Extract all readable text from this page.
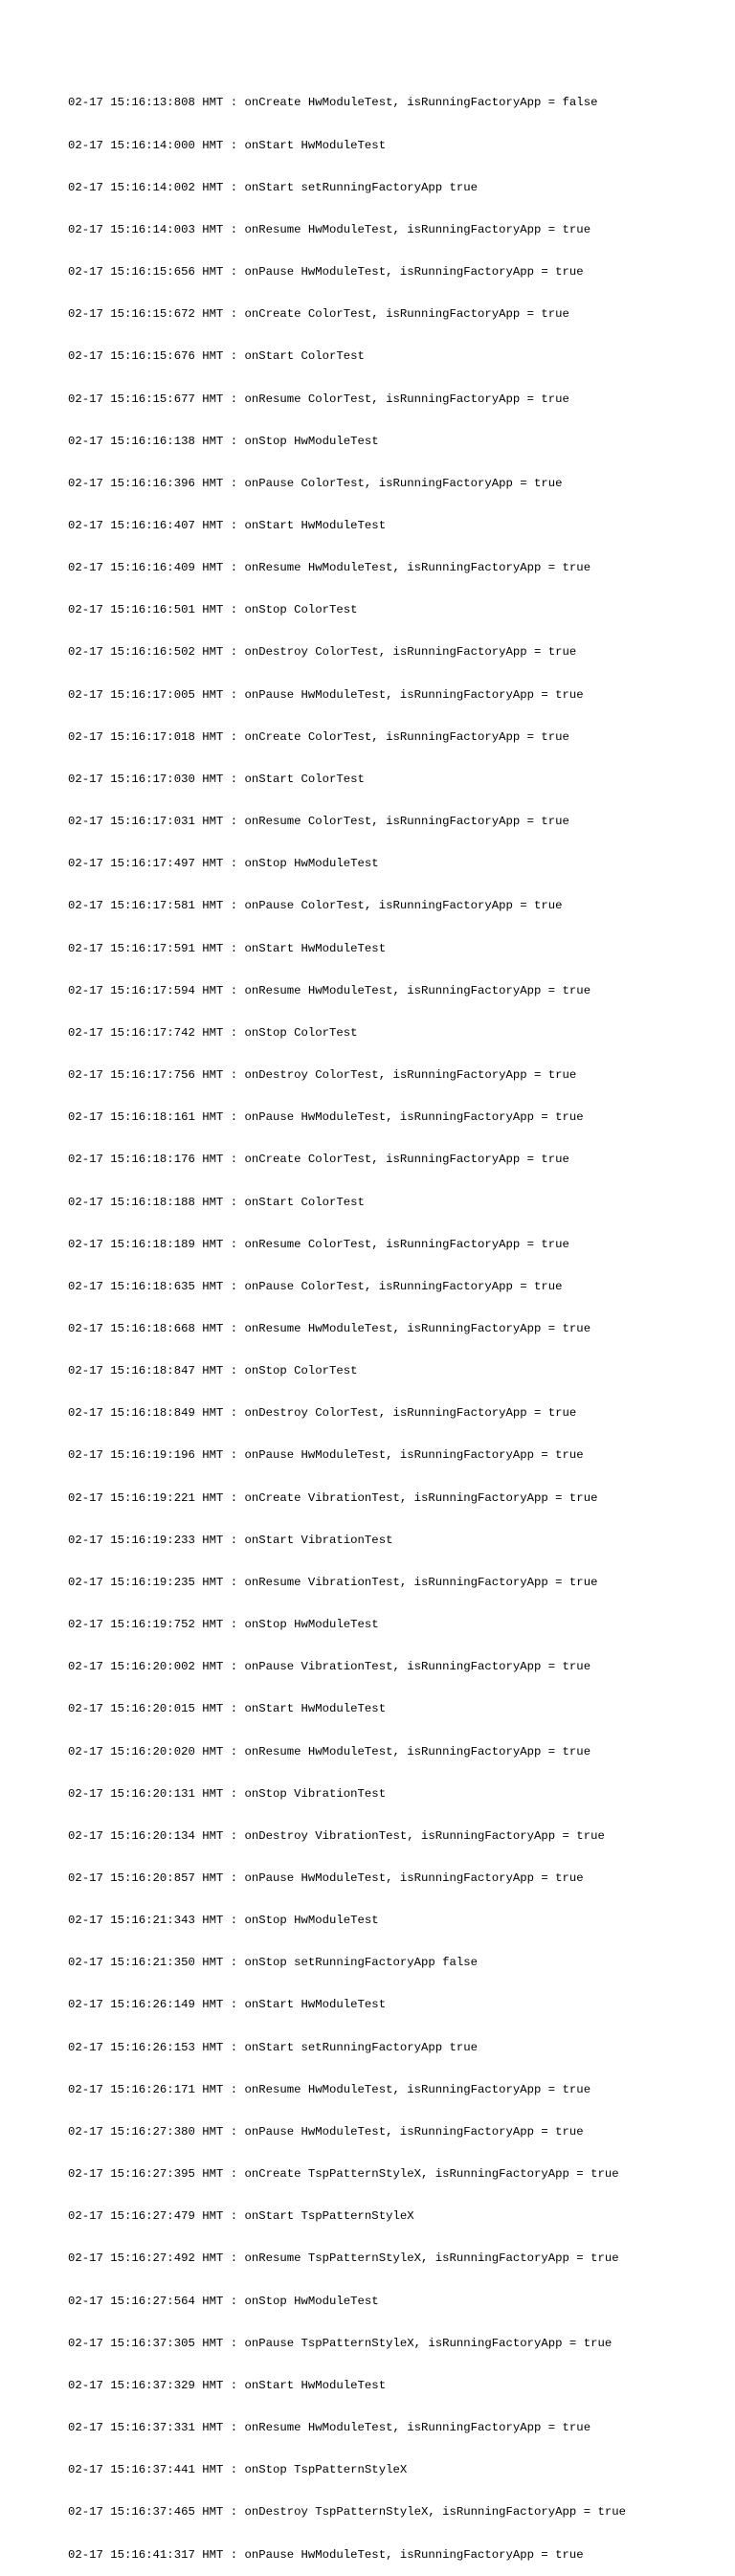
02-17 15:16:13:808 HMT : onCreate HwModuleTest, isRunningFactoryApp = false

02-17 15:16:14:000 HMT : onStart HwModuleTest

02-17 15:16:14:002 HMT : onStart setRunningFactoryApp true

02-17 15:16:14:003 HMT : onResume HwModuleTest, isRunningFactoryApp = true

02-17 15:16:15:656 HMT : onPause HwModuleTest, isRunningFactoryApp = true

02-17 15:16:15:672 HMT : onCreate ColorTest, isRunningFactoryApp = true

02-17 15:16:15:676 HMT : onStart ColorTest

02-17 15:16:15:677 HMT : onResume ColorTest, isRunningFactoryApp = true

02-17 15:16:16:138 HMT : onStop HwModuleTest

02-17 15:16:16:396 HMT : onPause ColorTest, isRunningFactoryApp = true

02-17 15:16:16:407 HMT : onStart HwModuleTest

02-17 15:16:16:409 HMT : onResume HwModuleTest, isRunningFactoryApp = true

02-17 15:16:16:501 HMT : onStop ColorTest

02-17 15:16:16:502 HMT : onDestroy ColorTest, isRunningFactoryApp = true

02-17 15:16:17:005 HMT : onPause HwModuleTest, isRunningFactoryApp = true

02-17 15:16:17:018 HMT : onCreate ColorTest, isRunningFactoryApp = true

02-17 15:16:17:030 HMT : onStart ColorTest

02-17 15:16:17:031 HMT : onResume ColorTest, isRunningFactoryApp = true

02-17 15:16:17:497 HMT : onStop HwModuleTest

02-17 15:16:17:581 HMT : onPause ColorTest, isRunningFactoryApp = true

02-17 15:16:17:591 HMT : onStart HwModuleTest

02-17 15:16:17:594 HMT : onResume HwModuleTest, isRunningFactoryApp = true

02-17 15:16:17:742 HMT : onStop ColorTest

02-17 15:16:17:756 HMT : onDestroy ColorTest, isRunningFactoryApp = true

02-17 15:16:18:161 HMT : onPause HwModuleTest, isRunningFactoryApp = true

02-17 15:16:18:176 HMT : onCreate ColorTest, isRunningFactoryApp = true

02-17 15:16:18:188 HMT : onStart ColorTest

02-17 15:16:18:189 HMT : onResume ColorTest, isRunningFactoryApp = true

02-17 15:16:18:635 HMT : onPause ColorTest, isRunningFactoryApp = true

02-17 15:16:18:668 HMT : onResume HwModuleTest, isRunningFactoryApp = true

02-17 15:16:18:847 HMT : onStop ColorTest

02-17 15:16:18:849 HMT : onDestroy ColorTest, isRunningFactoryApp = true

02-17 15:16:19:196 HMT : onPause HwModuleTest, isRunningFactoryApp = true

02-17 15:16:19:221 HMT : onCreate VibrationTest, isRunningFactoryApp = true

02-17 15:16:19:233 HMT : onStart VibrationTest

02-17 15:16:19:235 HMT : onResume VibrationTest, isRunningFactoryApp = true

02-17 15:16:19:752 HMT : onStop HwModuleTest

02-17 15:16:20:002 HMT : onPause VibrationTest, isRunningFactoryApp = true

02-17 15:16:20:015 HMT : onStart HwModuleTest

02-17 15:16:20:020 HMT : onResume HwModuleTest, isRunningFactoryApp = true

02-17 15:16:20:131 HMT : onStop VibrationTest

02-17 15:16:20:134 HMT : onDestroy VibrationTest, isRunningFactoryApp = true

02-17 15:16:20:857 HMT : onPause HwModuleTest, isRunningFactoryApp = true

02-17 15:16:21:343 HMT : onStop HwModuleTest

02-17 15:16:21:350 HMT : onStop setRunningFactoryApp false

02-17 15:16:26:149 HMT : onStart HwModuleTest

02-17 15:16:26:153 HMT : onStart setRunningFactoryApp true

02-17 15:16:26:171 HMT : onResume HwModuleTest, isRunningFactoryApp = true

02-17 15:16:27:380 HMT : onPause HwModuleTest, isRunningFactoryApp = true

02-17 15:16:27:395 HMT : onCreate TspPatternStyleX, isRunningFactoryApp = true

02-17 15:16:27:479 HMT : onStart TspPatternStyleX

02-17 15:16:27:492 HMT : onResume TspPatternStyleX, isRunningFactoryApp = true

02-17 15:16:27:564 HMT : onStop HwModuleTest

02-17 15:16:37:305 HMT : onPause TspPatternStyleX, isRunningFactoryApp = true

02-17 15:16:37:329 HMT : onStart HwModuleTest

02-17 15:16:37:331 HMT : onResume HwModuleTest, isRunningFactoryApp = true

02-17 15:16:37:441 HMT : onStop TspPatternStyleX

02-17 15:16:37:465 HMT : onDestroy TspPatternStyleX, isRunningFactoryApp = true

02-17 15:16:41:317 HMT : onPause HwModuleTest, isRunningFactoryApp = true
